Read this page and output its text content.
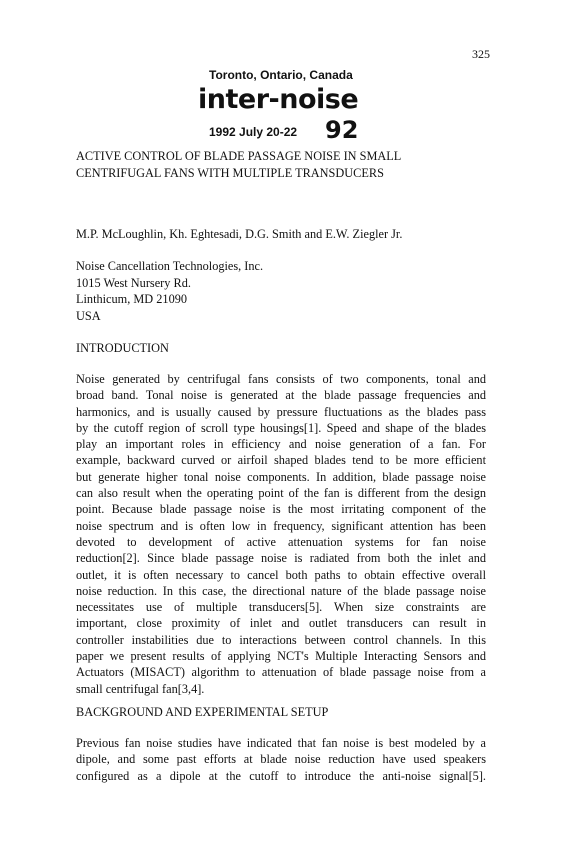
325
Toronto, Ontario, Canada
inter-noise
1992 July 20-22 92
ACTIVE CONTROL OF BLADE PASSAGE NOISE IN SMALL
CENTRIFUGAL FANS WITH MULTIPLE TRANSDUCERS
M.P. McLoughlin, Kh. Eghtesadi, D.G. Smith and E.W. Ziegler Jr.
Noise Cancellation Technologies, Inc.
1015 West Nursery Rd.
Linthicum, MD 21090
USA
INTRODUCTION
Noise generated by centrifugal fans consists of two components, tonal and
broad band. Tonal noise is generated at the blade passage frequencies and
harmonics, and is usually caused by pressure fluctuations as the blades pass
by the cutoff region of scroll type housings[1]. Speed and shape of the blades
play an important roles in efficiency and noise generation of a fan. For
example, backward curved or airfoil shaped blades tend to be more efficient
but generate higher tonal noise components. In addition, blade passage noise
can also result when the operating point of the fan is different from the design
point. Because blade passage noise is the most irritating component of the
noise spectrum and is often low in frequency, significant attention has been
devoted to development of active attenuation systems for fan noise
reduction[2]. Since blade passage noise is radiated from both the inlet and
outlet, it is often necessary to cancel both paths to obtain effective overall
noise reduction. In this case, the directional nature of the blade passage noise
necessitates use of multiple transducers[5]. When size constraints are
important, close proximity of inlet and outlet transducers can result in
controller instabilities due to interactions between control channels. In this
paper we present results of applying NCT's Multiple Interacting Sensors and
Actuators (MISACT) algorithm to attenuation of blade passage noise from a
small centrifugal fan[3,4].
BACKGROUND AND EXPERIMENTAL SETUP
Previous fan noise studies have indicated that fan noise is best modeled by a
dipole, and some past efforts at blade noise reduction have used speakers
configured as a dipole at the cutoff to introduce the anti-noise signal[5].
